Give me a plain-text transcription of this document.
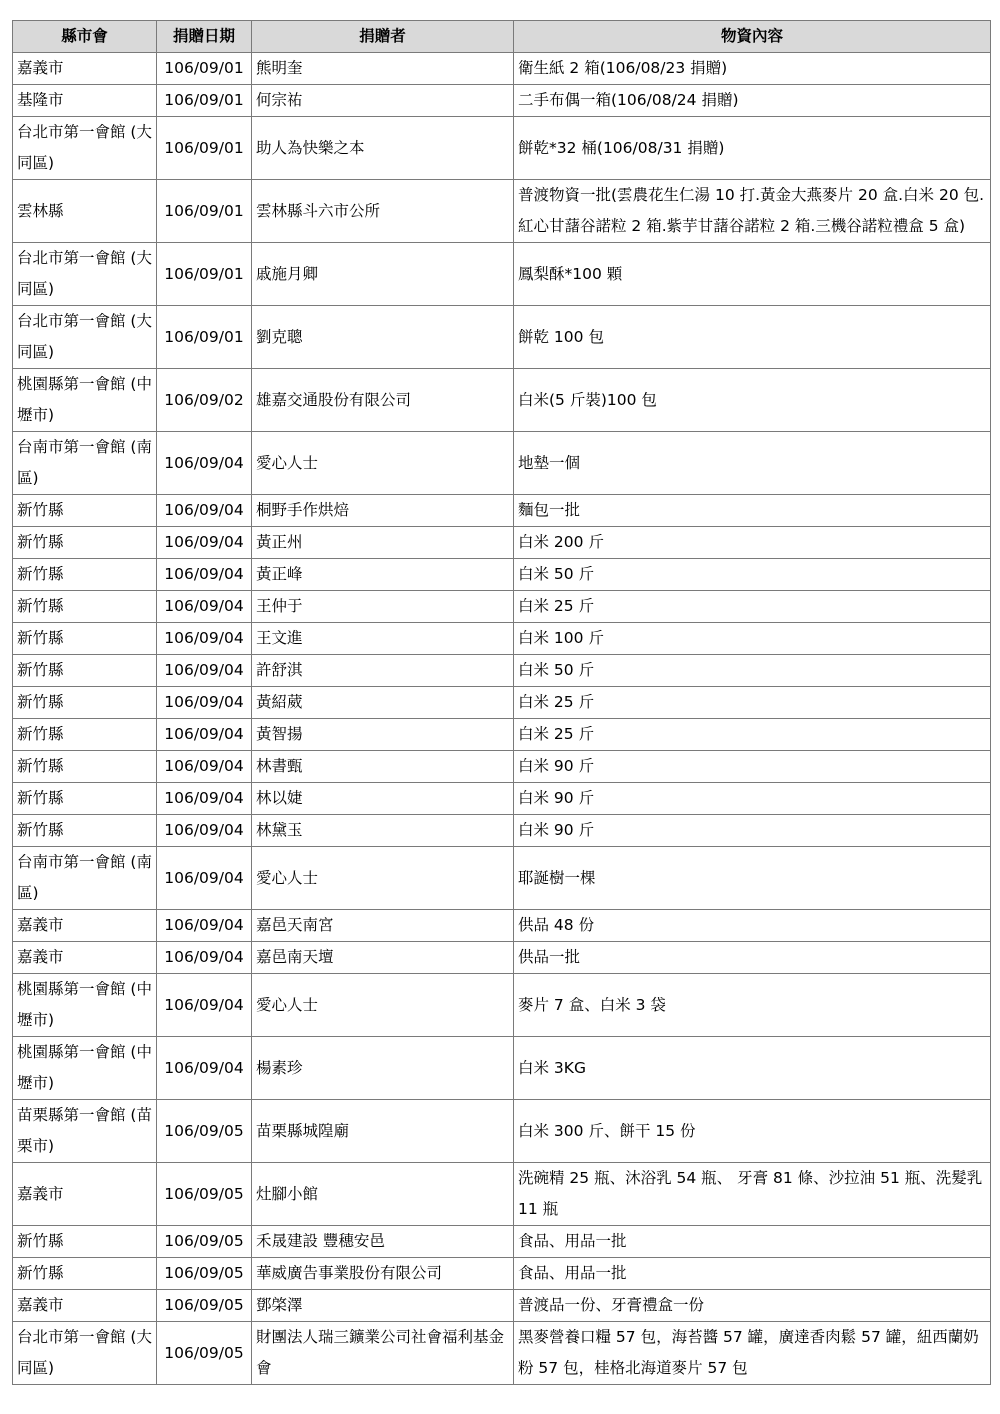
縣市會	捐贈日期	捐贈者	物資內容
嘉義市	106/09/01	熊明奎	衛生紙 2 箱(106/08/23 捐贈)
基隆市	106/09/01	何宗祐	二手布偶一箱(106/08/24 捐贈)
台北市第一會館 (大同區)	106/09/01	助人為快樂之本	餅乾*32 桶(106/08/31 捐贈)
雲林縣	106/09/01	雲林縣斗六市公所	普渡物資一批(雲農花生仁湯 10 打.黃金大燕麥片 20 盒.白米 20 包.紅心甘藷谷諾粒 2 箱.紫芋甘藷谷諾粒 2 箱.三機谷諾粒禮盒 5 盒)
台北市第一會館 (大同區)	106/09/01	戚施月卿	鳳梨酥*100 顆
台北市第一會館 (大同區)	106/09/01	劉克聰	餅乾 100 包
桃園縣第一會館 (中壢市)	106/09/02	雄嘉交通股份有限公司	白米(5 斤裝)100 包
台南市第一會館 (南區)	106/09/04	愛心人士	地墊一個
新竹縣	106/09/04	桐野手作烘焙	麵包一批
新竹縣	106/09/04	黃正州	白米 200 斤
新竹縣	106/09/04	黃正峰	白米 50 斤
新竹縣	106/09/04	王仲于	白米 25 斤
新竹縣	106/09/04	王文進	白米 100 斤
新竹縣	106/09/04	許舒淇	白米 50 斤
新竹縣	106/09/04	黃紹葳	白米 25 斤
新竹縣	106/09/04	黃智揚	白米 25 斤
新竹縣	106/09/04	林書甄	白米 90 斤
新竹縣	106/09/04	林以婕	白米 90 斤
新竹縣	106/09/04	林黛玉	白米 90 斤
台南市第一會館 (南區)	106/09/04	愛心人士	耶誕樹一棵
嘉義市	106/09/04	嘉邑天南宮	供品 48 份
嘉義市	106/09/04	嘉邑南天壇	供品一批
桃園縣第一會館 (中壢市)	106/09/04	愛心人士	麥片 7 盒、白米 3 袋
桃園縣第一會館 (中壢市)	106/09/04	楊素珍	白米 3KG
苗栗縣第一會館 (苗栗市)	106/09/05	苗栗縣城隍廟	白米 300 斤、餅干 15 份
嘉義市	106/09/05	灶腳小館	洗碗精 25 瓶、沐浴乳 54 瓶、 牙膏 81 條、沙拉油 51 瓶、洗髮乳 11 瓶
新竹縣	106/09/05	禾晟建設 豐穗安邑	食品、用品一批
新竹縣	106/09/05	華威廣告事業股份有限公司	食品、用品一批
嘉義市	106/09/05	鄧棨澤	普渡品一份、牙膏禮盒一份
台北市第一會館 (大同區)	106/09/05	財團法人瑞三鑛業公司社會福利基金會	黑麥營養口糧 57 包，海苔醬 57 罐，廣達香肉鬆 57 罐，紐西蘭奶粉 57 包，桂格北海道麥片 57 包
